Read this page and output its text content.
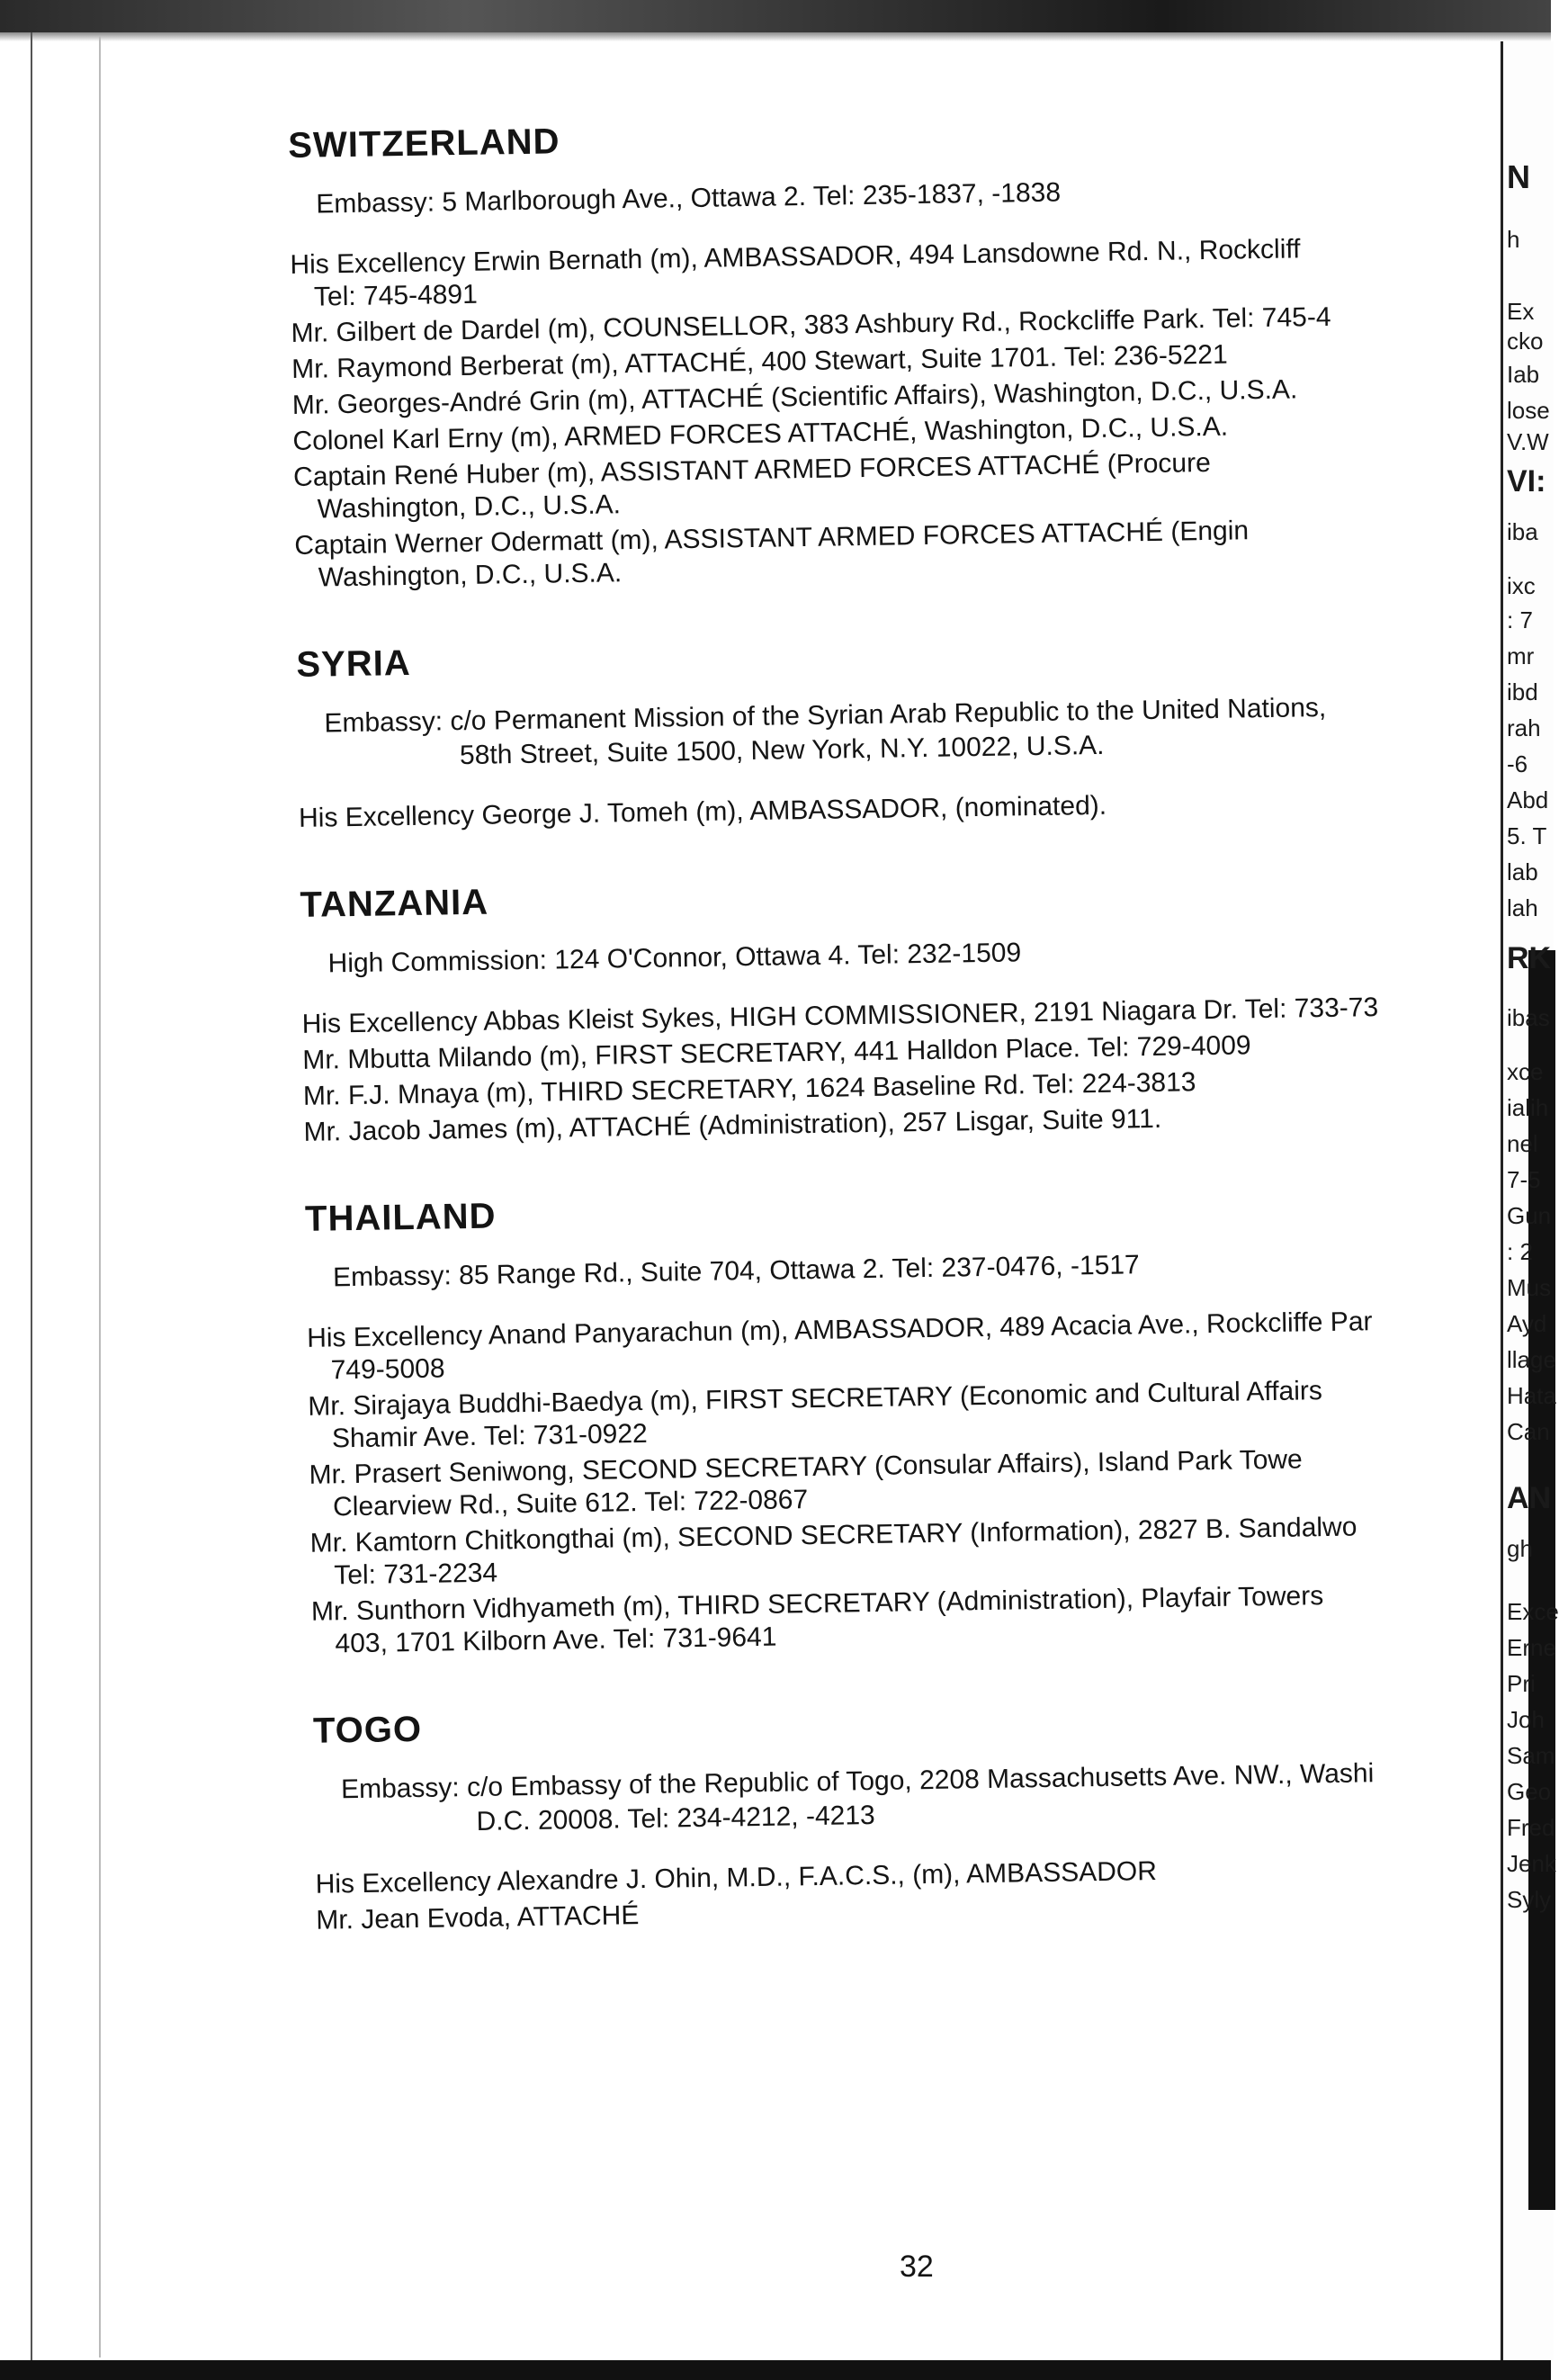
N
h
Ex
cko
Iab
lose
V.W
VI:
iba
ixc
: 7
mr
ibd
rah
-6
Abd
5. T
lab
lah
RK
ibas
xce
ialih
nel
7-5
Gun
: 2
Mus
Ayd
llage
Hata
Can
AN
gh
Exce
Erne
Pri
Joh
Sam
Geo
Fred
Jenk
Syly
SWITZERLAND
Embassy: 5 Marlborough Ave., Ottawa 2. Tel: 235-1837, -1838
His Excellency Erwin Bernath (m), AMBASSADOR, 494 Lansdowne Rd. N., Rockcliff
Tel: 745-4891
Mr. Gilbert de Dardel (m), COUNSELLOR, 383 Ashbury Rd., Rockcliffe Park. Tel: 745-4
Mr. Raymond Berberat (m), ATTACHÉ, 400 Stewart, Suite 1701. Tel: 236-5221
Mr. Georges-André Grin (m), ATTACHÉ (Scientific Affairs), Washington, D.C., U.S.A.
Colonel Karl Erny (m), ARMED FORCES ATTACHÉ, Washington, D.C., U.S.A.
Captain René Huber (m), ASSISTANT ARMED FORCES ATTACHÉ (Procure
Washington, D.C., U.S.A.
Captain Werner Odermatt (m), ASSISTANT ARMED FORCES ATTACHÉ (Engin
Washington, D.C., U.S.A.
SYRIA
Embassy: c/o Permanent Mission of the Syrian Arab Republic to the United Nations,
58th Street, Suite 1500, New York, N.Y. 10022, U.S.A.
His Excellency George J. Tomeh (m), AMBASSADOR, (nominated).
TANZANIA
High Commission: 124 O'Connor, Ottawa 4. Tel: 232-1509
His Excellency Abbas Kleist Sykes, HIGH COMMISSIONER, 2191 Niagara Dr. Tel: 733-73
Mr. Mbutta Milando (m), FIRST SECRETARY, 441 Halldon Place. Tel: 729-4009
Mr. F.J. Mnaya (m), THIRD SECRETARY, 1624 Baseline Rd. Tel: 224-3813
Mr. Jacob James (m), ATTACHÉ (Administration), 257 Lisgar, Suite 911.
THAILAND
Embassy: 85 Range Rd., Suite 704, Ottawa 2. Tel: 237-0476, -1517
His Excellency Anand Panyarachun (m), AMBASSADOR, 489 Acacia Ave., Rockcliffe Par
749-5008
Mr. Sirajaya Buddhi-Baedya (m), FIRST SECRETARY (Economic and Cultural Affairs
Shamir Ave. Tel: 731-0922
Mr. Prasert Seniwong, SECOND SECRETARY (Consular Affairs), Island Park Towe
Clearview Rd., Suite 612. Tel: 722-0867
Mr. Kamtorn Chitkongthai (m), SECOND SECRETARY (Information), 2827 B. Sandalwo
Tel: 731-2234
Mr. Sunthorn Vidhyameth (m), THIRD SECRETARY (Administration), Playfair Towers
403, 1701 Kilborn Ave. Tel: 731-9641
TOGO
Embassy: c/o Embassy of the Republic of Togo, 2208 Massachusetts Ave. NW., Washi
D.C. 20008. Tel: 234-4212, -4213
His Excellency Alexandre J. Ohin, M.D., F.A.C.S., (m), AMBASSADOR
Mr. Jean Evoda, ATTACHÉ
32
